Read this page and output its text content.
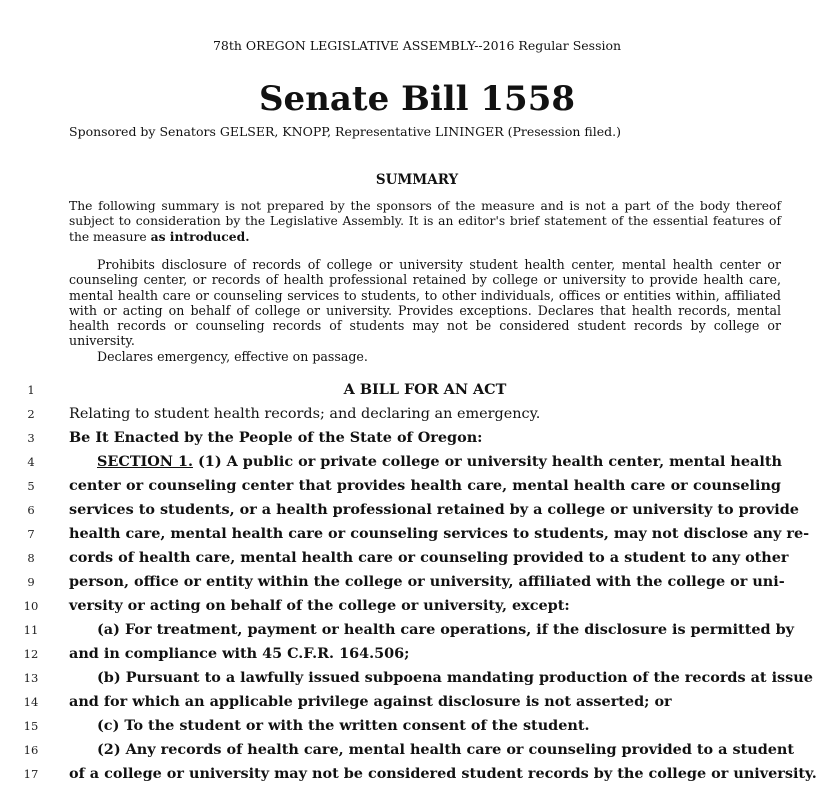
78th OREGON LEGISLATIVE ASSEMBLY--2016 Regular Session
Senate Bill 1558
Sponsored by Senators GELSER, KNOPP, Representative LININGER (Presession filed.)
SUMMARY
The following summary is not prepared by the sponsors of the measure and is not a part of the body thereof subject to consideration by the Legislative Assembly. It is an editor's brief statement of the essential features of the measure as introduced.

Prohibits disclosure of records of college or university student health center, mental health center or counseling center, or records of health professional retained by college or university to provide health care, mental health care or counseling services to students, to other individuals, offices or entities within, affiliated with or acting on behalf of college or university. Provides exceptions. Declares that health records, mental health records or counseling records of students may not be considered student records by college or university.

Declares emergency, effective on passage.

1	A BILL FOR AN ACT
2	Relating to student health records; and declaring an emergency.
3	Be It Enacted by the People of the State of Oregon:
4	SECTION 1. (1) A public or private college or university health center, mental health
5	center or counseling center that provides health care, mental health care or counseling
6	services to students, or a health professional retained by a college or university to provide
7	health care, mental health care or counseling services to students, may not disclose any re-
8	cords of health care, mental health care or counseling provided to a student to any other
9	person, office or entity within the college or university, affiliated with the college or uni-
10	versity or acting on behalf of the college or university, except:
11	(a) For treatment, payment or health care operations, if the disclosure is permitted by
12	and in compliance with 45 C.F.R. 164.506;
13	(b) Pursuant to a lawfully issued subpoena mandating production of the records at issue
14	and for which an applicable privilege against disclosure is not asserted; or
15	(c) To the student or with the written consent of the student.
16	(2) Any records of health care, mental health care or counseling provided to a student
17	of a college or university may not be considered student records by the college or university.
